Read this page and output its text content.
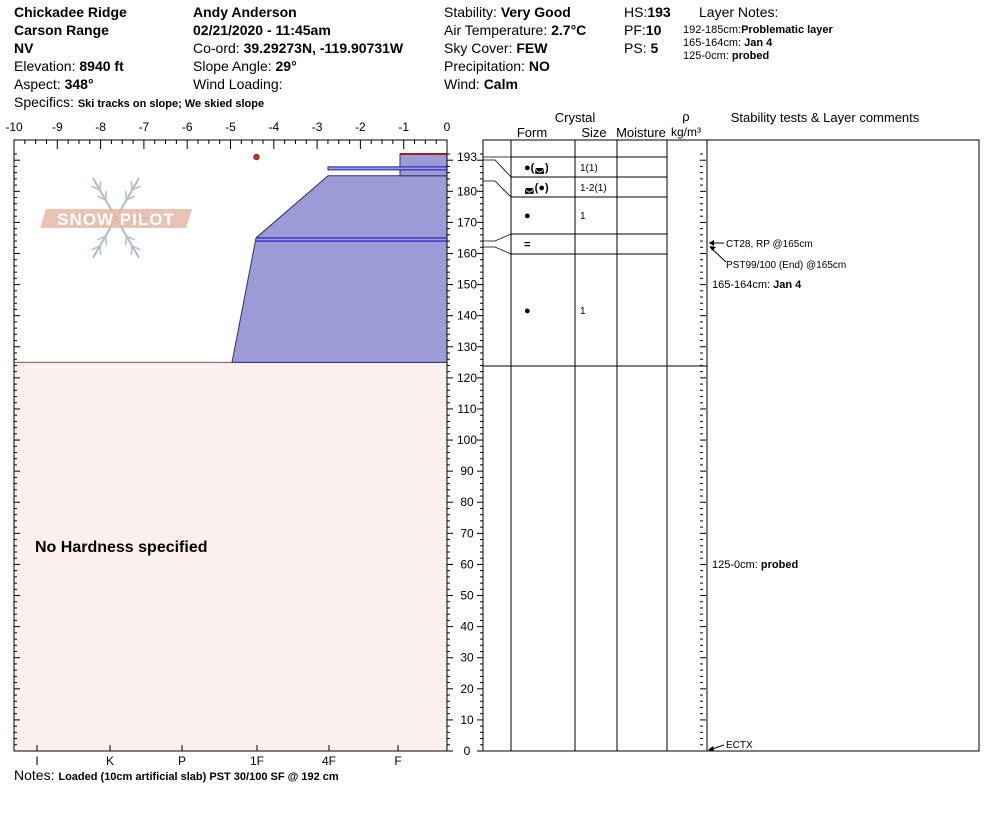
Chickadee Ridge
Carson Range
NV
Elevation: 8940 ft
Aspect: 348°
Specifics: Ski tracks on slope; We skied slope
Andy Anderson
02/21/2020 - 11:45am
Co-ord: 39.29273N, -119.90731W
Slope Angle: 29°
Wind Loading:
Stability: Very Good
Air Temperature: 2.7°C
Sky Cover: FEW
Precipitation: NO
Wind: Calm
HS:193
PF:10
PS: 5
Layer Notes:
192-185cm:Problematic layer
165-164cm: Jan 4
125-0cm: probed
No Hardness specified
SNOW PILOT
-10 -9	-8	-7	-6	-5	-4	-3	-2	-1	0
I	K	P	1F	4F	F
193
180
170
160
150
140
130
120
110
100
90
80
70
60
50
40
30
20
10
0
Crystal
Form	Size Moisture
ρ
kg/m³
Stability tests & Layer comments
●(◛)	1(1)
◛(●)	1-2(1)
●	1
=
●	1
CT28, RP @165cm
PST99/100 (End) @165cm
ECTX
165-164cm: Jan 4
125-0cm: probed
Notes: Loaded (10cm artificial slab) PST 30/100 SF @ 192 cm
